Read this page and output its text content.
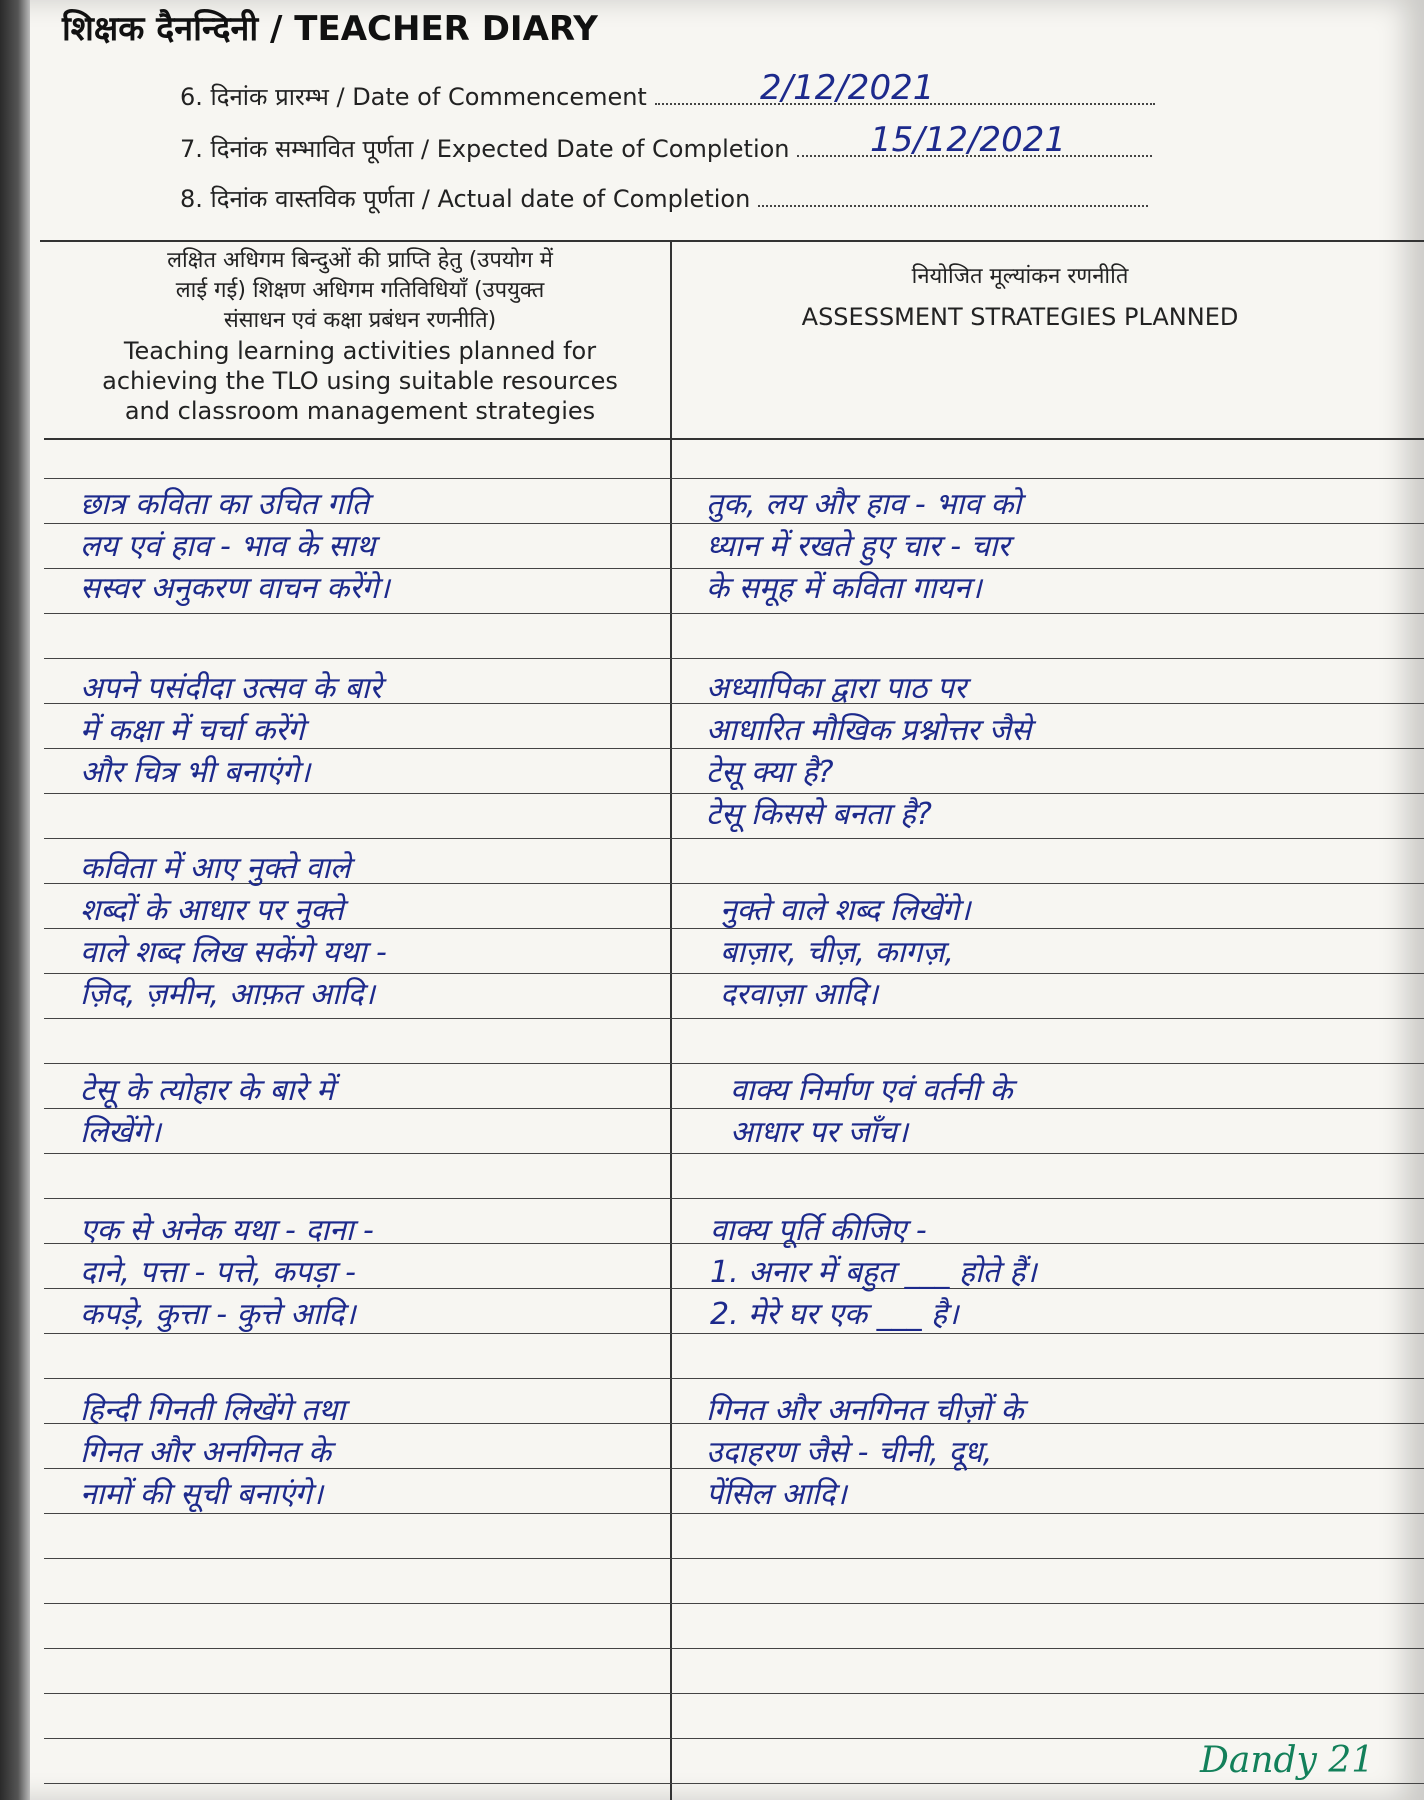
शिक्षक दैनन्दिनी / TEACHER DIARY
6. दिनांक प्रारम्भ / Date of Commencement	2/12/2021
7. दिनांक सम्भावित पूर्णता / Expected Date of Completion	15/12/2021
8. दिनांक वास्तविक पूर्णता / Actual date of Completion
लक्षित अधिगम बिन्दुओं की प्राप्ति हेतु (उपयोग में
लाई गई) शिक्षण अधिगम गतिविधियाँ (उपयुक्त
संसाधन एवं कक्षा प्रबंधन रणनीति)
Teaching learning activities planned for
achieving the TLO using suitable resources
and classroom management strategies
नियोजित मूल्यांकन रणनीति
ASSESSMENT STRATEGIES PLANNED
छात्र कविता का उचित गति
लय एवं हाव - भाव के साथ
सस्वर अनुकरण वाचन करेंगे।
तुक, लय और हाव - भाव को
ध्यान में रखते हुए चार - चार
के समूह में कविता गायन।
अपने पसंदीदा उत्सव के बारे
में कक्षा में चर्चा करेंगे
और चित्र भी बनाएंगे।
अध्यापिका द्वारा पाठ पर
आधारित मौखिक प्रश्नोत्तर जैसे
टेसू क्या है?
टेसू किससे बनता है?
कविता में आए नुक्ते वाले
शब्दों के आधार पर नुक्ते
वाले शब्द लिख सकेंगे यथा -
ज़िद, ज़मीन, आफ़त आदि।
नुक्ते वाले शब्द लिखेंगे।
बाज़ार, चीज़, कागज़,
दरवाज़ा आदि।
टेसू के त्योहार के बारे में
लिखेंगे।
वाक्य निर्माण एवं वर्तनी के
आधार पर जाँच।
एक से अनेक यथा - दाना -
दाने, पत्ता - पत्ते, कपड़ा -
कपड़े, कुत्ता - कुत्ते आदि।
वाक्य पूर्ति कीजिए -
1. अनार में बहुत ___ होते हैं।
2. मेरे घर एक ___ है।
हिन्दी गिनती लिखेंगे तथा
गिनत और अनगिनत के
नामों की सूची बनाएंगे।
गिनत और अनगिनत चीज़ों के
उदाहरण जैसे - चीनी, दूध,
पेंसिल आदि।
Dandy 21
